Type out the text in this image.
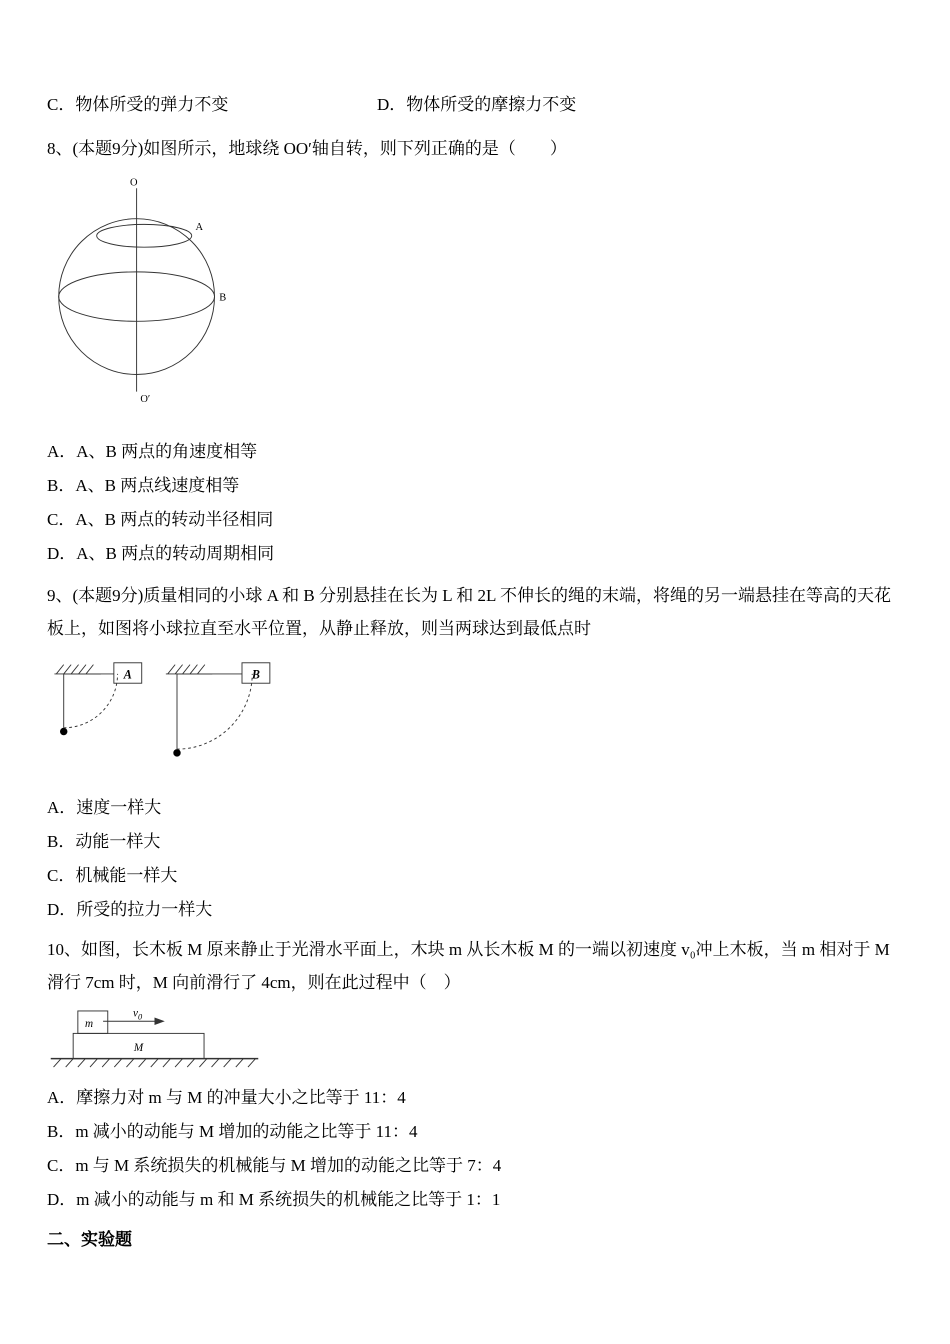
C．物体所受的弹力不变	D．物体所受的摩擦力不变

8、(本题9分)如图所示，地球绕 OO′轴自转，则下列正确的是（　　）

O
A
B
O′

A．A、B 两点的角速度相等

B．A、B 两点线速度相等

C．A、B 两点的转动半径相同

D．A、B 两点的转动周期相同

9、(本题9分)质量相同的小球 A 和 B 分别悬挂在长为 L 和 2L 不伸长的绳的末端，将绳的另一端悬挂在等高的天花板上，如图将小球拉直至水平位置，从静止释放，则当两球达到最低点时

A	B

A．速度一样大

B．动能一样大

C．机械能一样大

D．所受的拉力一样大

10、如图，长木板 M 原来静止于光滑水平面上，木块 m 从长木板 M 的一端以初速度 v₀冲上木板，当 m 相对于 M 滑行 7cm 时，M 向前滑行了 4cm，则在此过程中（　）

m
$v_0$
M

A．摩擦力对 m 与 M 的冲量大小之比等于 11：4

B．m 减小的动能与 M 增加的动能之比等于 11：4

C．m 与 M 系统损失的机械能与 M 增加的动能之比等于 7：4

D．m 减小的动能与 m 和 M 系统损失的机械能之比等于 1：1

二、实验题
